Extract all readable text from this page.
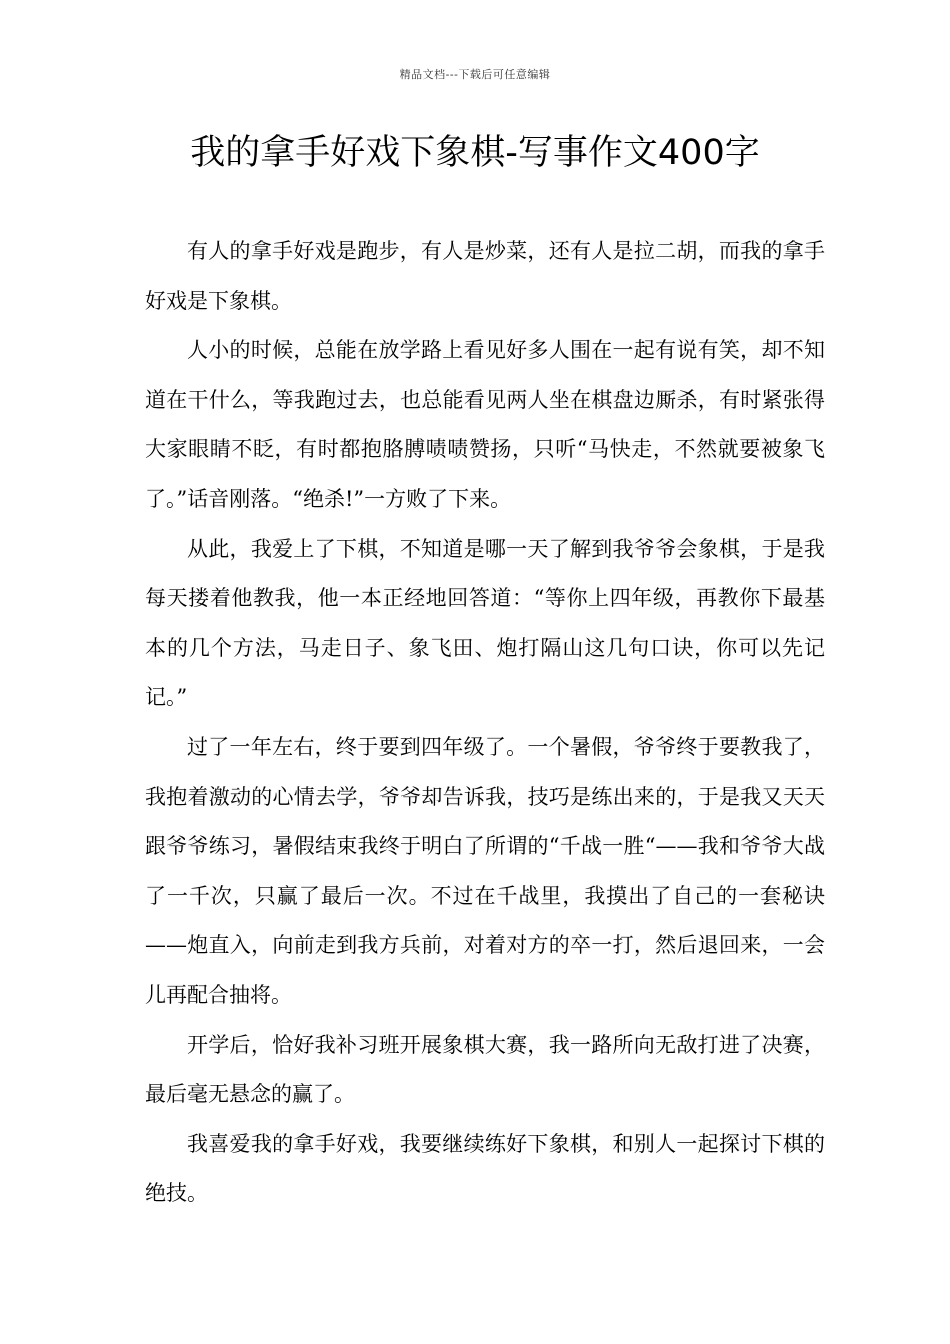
精品文档---下载后可任意编辑
我的拿手好戏下象棋-写事作文400字

有人的拿手好戏是跑步，有人是炒菜，还有人是拉二胡，而我的拿手好戏是下象棋。

人小的时候，总能在放学路上看见好多人围在一起有说有笑，却不知道在干什么，等我跑过去，也总能看见两人坐在棋盘边厮杀，有时紧张得大家眼睛不眨，有时都抱胳膊啧啧赞扬，只听“马快走，不然就要被象飞了。”话音刚落。“绝杀!”一方败了下来。

从此，我爱上了下棋，不知道是哪一天了解到我爷爷会象棋，于是我每天搂着他教我，他一本正经地回答道：“等你上四年级，再教你下最基本的几个方法，马走日子、象飞田、炮打隔山这几句口诀，你可以先记记。”

过了一年左右，终于要到四年级了。一个暑假，爷爷终于要教我了，我抱着激动的心情去学，爷爷却告诉我，技巧是练出来的，于是我又天天跟爷爷练习，暑假结束我终于明白了所谓的“千战一胜“——我和爷爷大战了一千次，只赢了最后一次。不过在千战里，我摸出了自己的一套秘诀——炮直入，向前走到我方兵前，对着对方的卒一打，然后退回来，一会儿再配合抽将。

开学后，恰好我补习班开展象棋大赛，我一路所向无敌打进了决赛，最后毫无悬念的赢了。

我喜爱我的拿手好戏，我要继续练好下象棋，和别人一起探讨下棋的绝技。
